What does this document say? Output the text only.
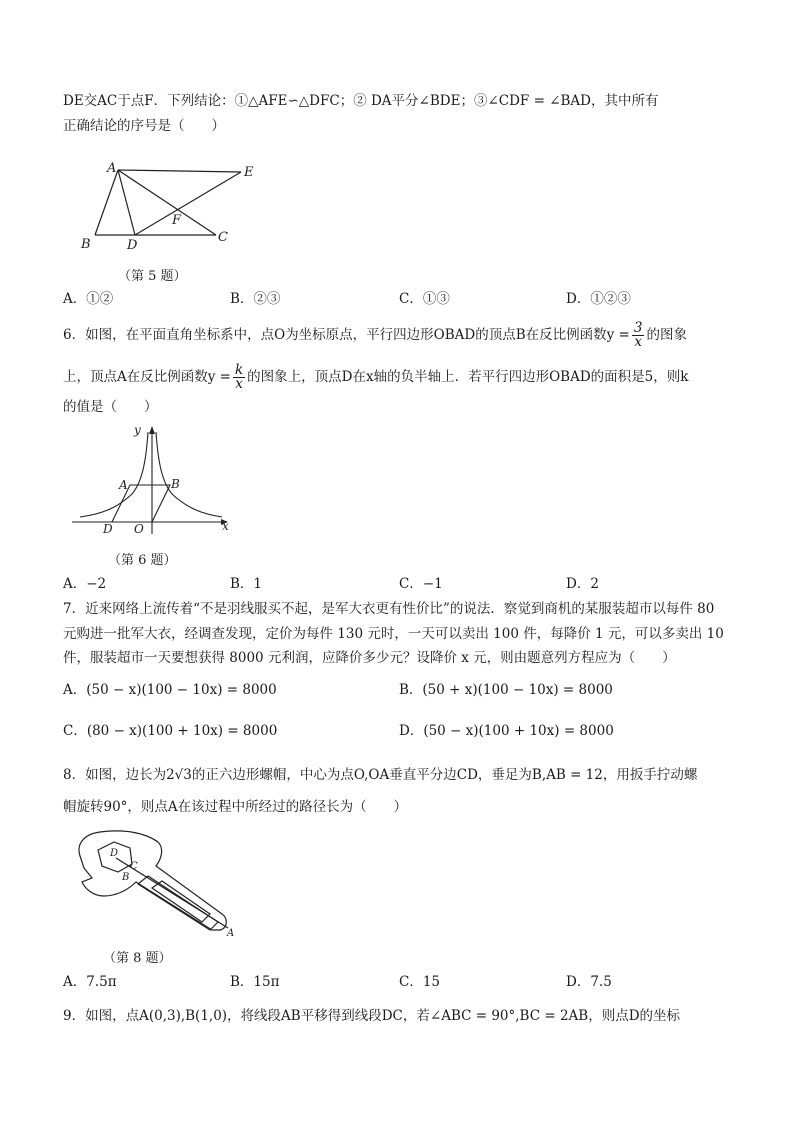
DE交AC于点F．下列结论：①△AFE∽△DFC；② DA平分∠BDE；③∠CDF = ∠BAD，其中所有
正确结论的序号是（　　）
A
B	D
C
E
F
（第 5 题）
A．①②	B．②③	C．①③	D．①②③
6．如图，在平面直角坐标系中，点O为坐标原点，平行四边形OBAD的顶点B在反比例函数$y = \frac{3}{x}$ 的图象
上，顶点A在反比例函数$y = \frac{k}{x}$ 的图象上，顶点D在x轴的负半轴上．若平行四边形OBAD的面积是5，则k
的值是（　　）
y
x
A	B
D O
（第 6 题）
A．−2	B．1	C．−1	D．2
7．近来网络上流传着“不是羽线服买不起，是军大衣更有性价比”的说法．察觉到商机的某服装超市以每件 80
元购进一批军大衣，经调查发现，定价为每件 130 元时，一天可以卖出 100 件，每降价 1 元，可以多卖出 10
件，服装超市一天要想获得 8000 元利润，应降价多少元？设降价 x 元，则由题意列方程应为（　　）
A．(50 − x)(100 − 10x) = 8000	B．(50 + x)(100 − 10x) = 8000
C．(80 − x)(100 + 10x) = 8000	D．(50 − x)(100 + 10x) = 8000
8．如图，边长为2√3的正六边形螺帽，中心为点O,OA垂直平分边CD，垂足为B,AB = 12，用扳手拧动螺
帽旋转90°，则点A在该过程中所经过的路径长为（　　）
D
C
B
A
（第 8 题）
A．7.5π	B．15π	C．15	D．7.5
9．如图，点A(0,3),B(1,0)，将线段AB平移得到线段DC，若∠ABC = 90°,BC = 2AB，则点D的坐标
